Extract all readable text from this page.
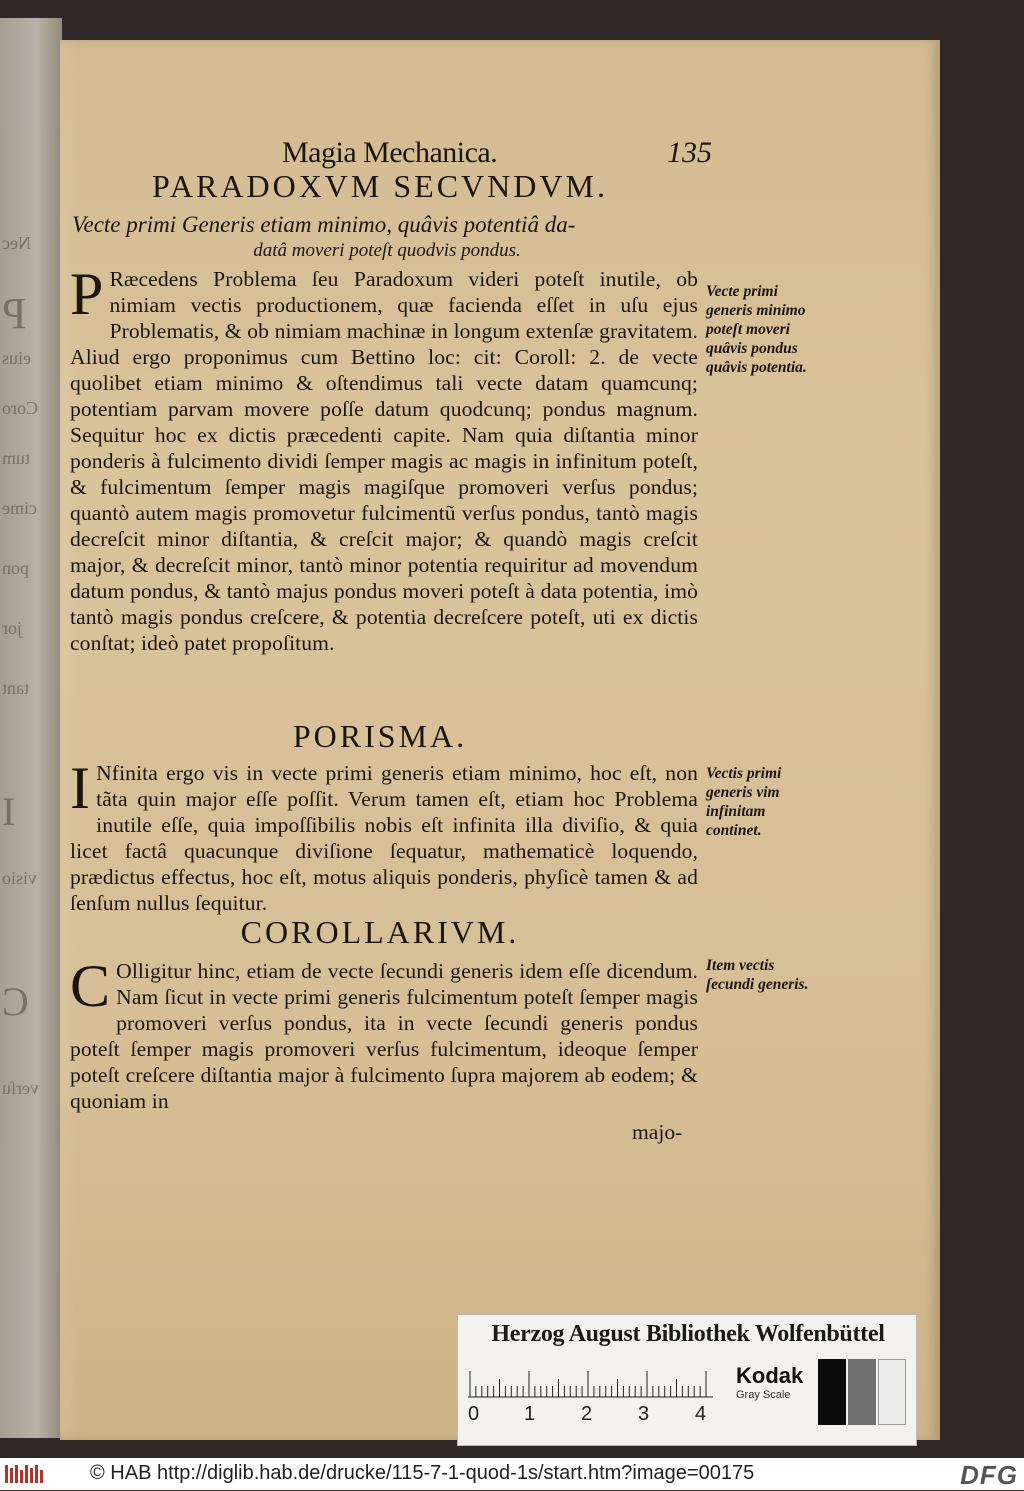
Nec
P
eius
Coro
tum
cime
pon
jor
tant
I
visio
C
verſu
Magia Mechanica.	135
PARADOXVM SECVNDVM.
Vecte primi Generis etiam minimo, quâvis potentiâ da-
datâ moveri poteſt quodvis pondus.
P Ræcedens Problema ſeu Paradoxum videri poteſt inutile, ob nimiam vectis productionem, quæ facienda eſſet in uſu ejus Problematis, & ob nimiam machinæ in longum extenſæ gravitatem. Aliud ergo proponimus cum Bettino loc: cit: Coroll: 2. de vecte quolibet etiam minimo & oſtendimus tali vecte datam quamcunq; potentiam parvam movere poſſe datum quodcunq; pondus magnum. Sequitur hoc ex dictis præcedenti capite. Nam quia diſtantia minor ponderis à fulcimento dividi ſemper magis ac magis in infinitum poteſt, & fulcimentum ſemper magis magiſque promoveri verſus pondus; quantò autem magis promovetur fulcimentũ verſus pondus, tantò magis decreſcit minor diſtantia, & creſcit major; & quandò magis creſcit major, & decreſcit minor, tantò minor potentia requiritur ad movendum datum pondus, & tantò majus pondus moveri poteſt à data potentia, imò tantò magis pondus creſcere, & potentia decreſcere poteſt, uti ex dictis conſtat; ideò patet propoſitum.
Vecte primi generis minimo poteſt moveri quâvis pondus quâvis potentia.
PORISMA.
I Nfinita ergo vis in vecte primi generis etiam minimo, hoc eſt, non tãta quin major eſſe poſſit. Verum tamen eſt, etiam hoc Problema inutile eſſe, quia impoſſibilis nobis eſt infinita illa diviſio, & quia licet factâ quacunque diviſione ſequatur, mathematicè loquendo, prædictus effectus, hoc eſt, motus aliquis ponderis, phyſicè tamen & ad ſenſum nullus ſequitur.
Vectis primi generis vim infinitam continet.
COROLLARIVM.
C Olligitur hinc, etiam de vecte ſecundi generis idem eſſe dicendum. Nam ſicut in vecte primi generis fulcimentum poteſt ſemper magis promoveri verſus pondus, ita in vecte ſecundi generis pondus poteſt ſemper magis promoveri verſus fulcimentum, ideoque ſemper poteſt creſcere diſtantia major à fulcimento ſupra majorem ab eodem; & quoniam in
Item vectis ſecundi generis.
majo-
Herzog August Bibliothek Wolfenbüttel
0 1 2 3 4
Kodak
Gray Scale
© HAB http://diglib.hab.de/drucke/115-7-1-quod-1s/start.htm?image=00175	DFG
